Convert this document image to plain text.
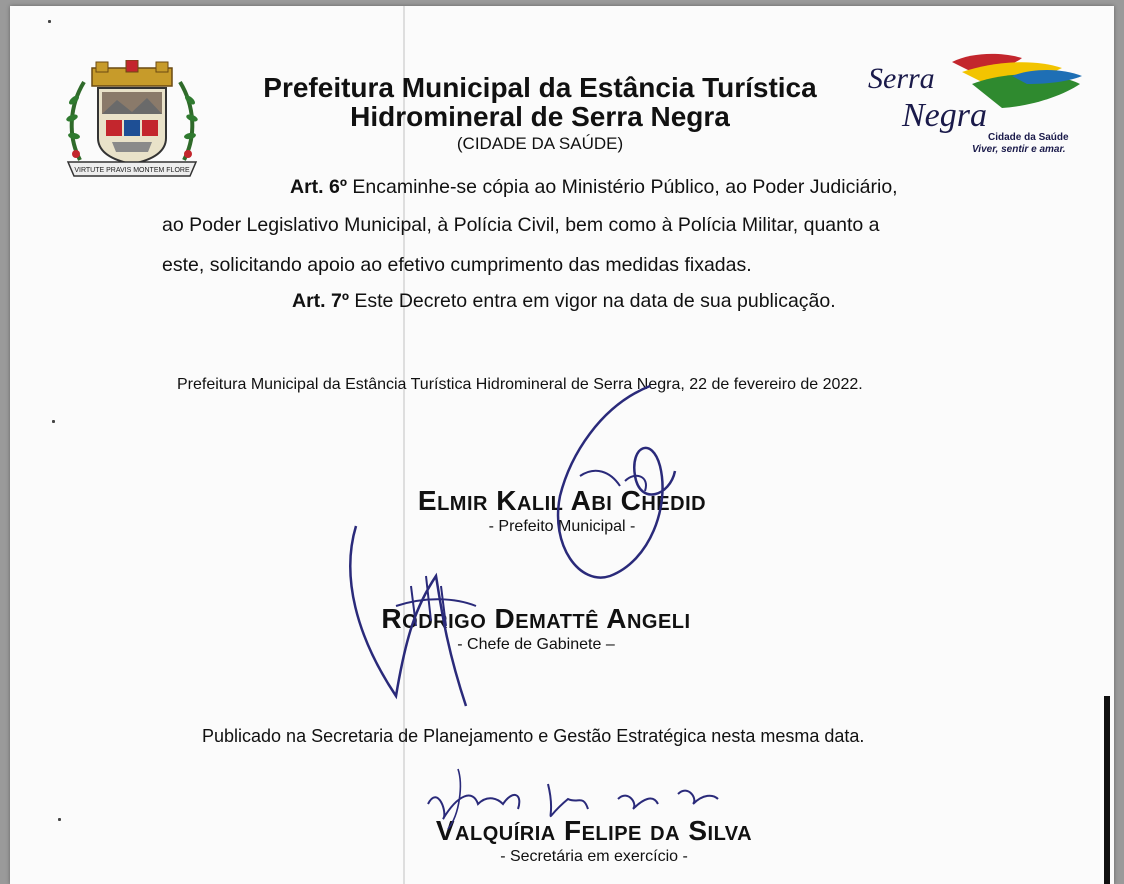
VIRTUTE PRAVIS MONTEM FLORE
Prefeitura Municipal da Estância Turística
Hidromineral de Serra Negra
(CIDADE DA SAÚDE)
Serra
Negra
Cidade da Saúde
Viver, sentir e amar.
Art. 6º Encaminhe-se cópia ao Ministério Público, ao Poder Judiciário,
ao Poder Legislativo Municipal, à Polícia Civil, bem como à Polícia Militar, quanto a
este, solicitando apoio ao efetivo cumprimento das medidas fixadas.
Art. 7º Este Decreto entra em vigor na data de sua publicação.
Prefeitura Municipal da Estância Turística Hidromineral de Serra Negra, 22 de fevereiro de 2022.
Elmir Kalil Abi Chedid
- Prefeito Municipal -
Rodrigo Demattê Angeli
- Chefe de Gabinete –
Publicado na Secretaria de Planejamento e Gestão Estratégica nesta mesma data.
Valquíria Felipe da Silva
- Secretária em exercício -
